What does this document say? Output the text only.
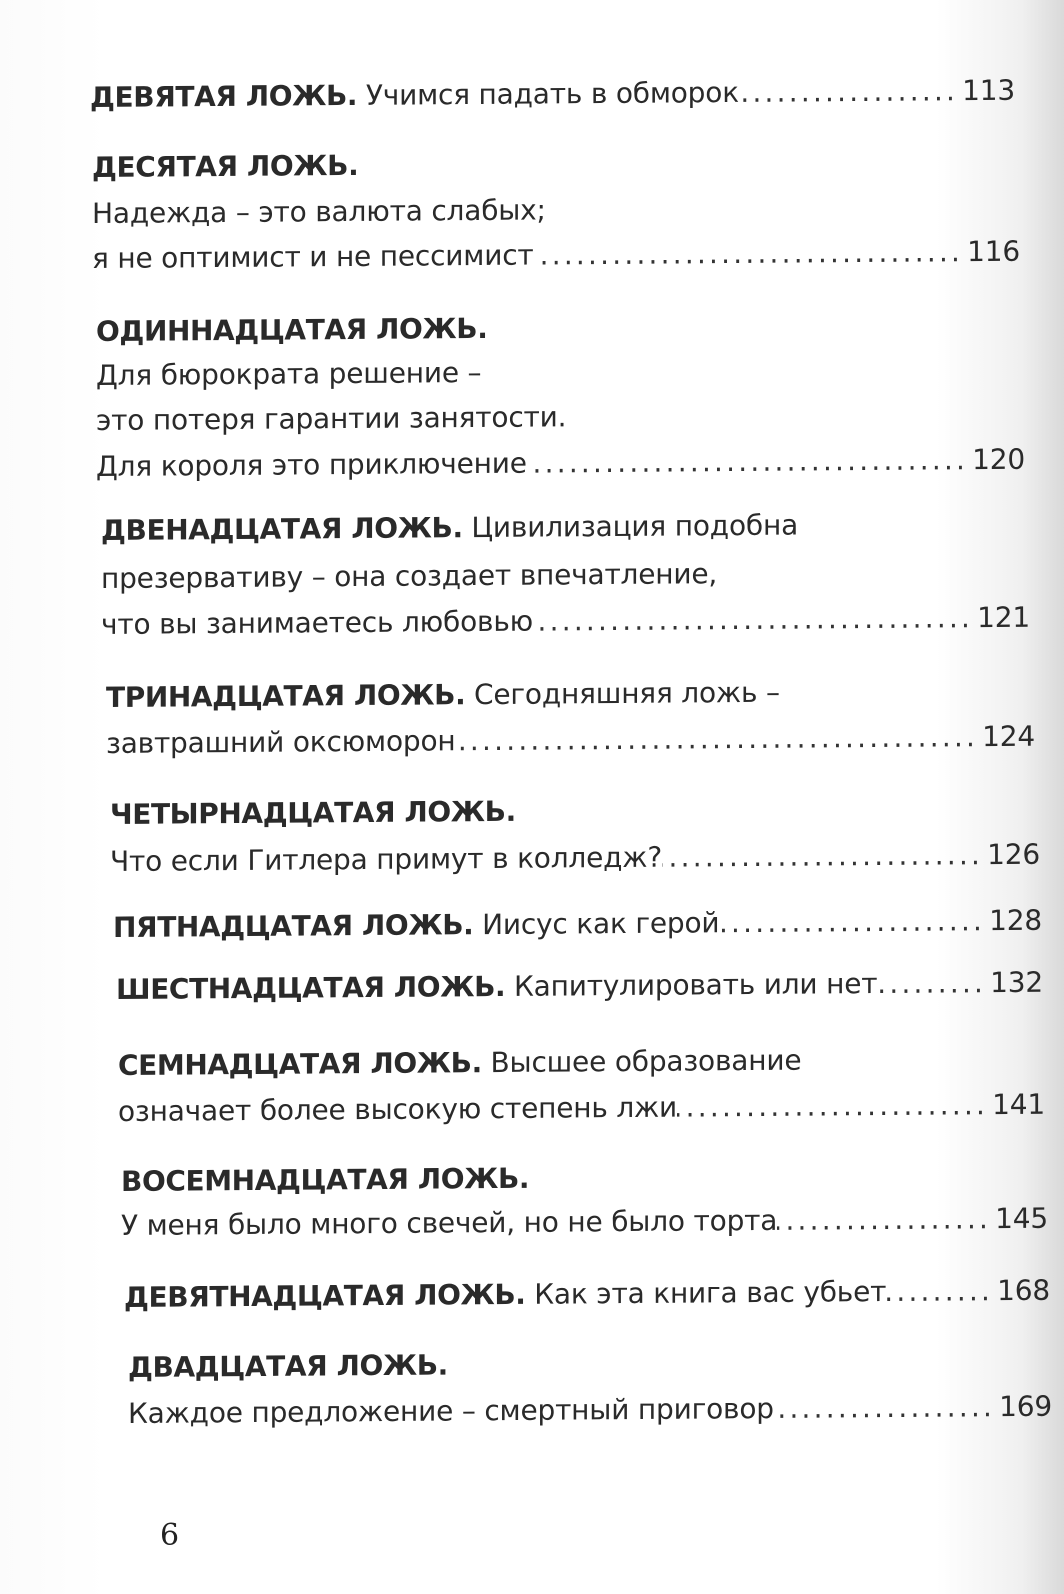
ДЕВЯТАЯ ЛОЖЬ. Учимся падать в обморок .....	113
ДЕСЯТАЯ ЛОЖЬ.
Надежда – это валюта слабых;
я не оптимист и не пессимист .....	116
ОДИННАДЦАТАЯ ЛОЖЬ.
Для бюрократа решение –
это потеря гарантии занятости.
Для короля это приключение .....	120
ДВЕНАДЦАТАЯ ЛОЖЬ. Цивилизация подобна
презервативу – она создает впечатление,
что вы занимаетесь любовью .....	121
ТРИНАДЦАТАЯ ЛОЖЬ. Сегодняшняя ложь –
завтрашний оксюморон .....	124
ЧЕТЫРНАДЦАТАЯ ЛОЖЬ.
Что если Гитлера примут в колледж? .....	126
ПЯТНАДЦАТАЯ ЛОЖЬ. Иисус как герой .....	128
ШЕСТНАДЦАТАЯ ЛОЖЬ. Капитулировать или нет .....	132
СЕМНАДЦАТАЯ ЛОЖЬ. Высшее образование
означает более высокую степень лжи .....	141
ВОСЕМНАДЦАТАЯ ЛОЖЬ.
У меня было много свечей, но не было торта .....	145
ДЕВЯТНАДЦАТАЯ ЛОЖЬ. Как эта книга вас убьет .....	168
ДВАДЦАТАЯ ЛОЖЬ.
Каждое предложение – смертный приговор .....	169
6
